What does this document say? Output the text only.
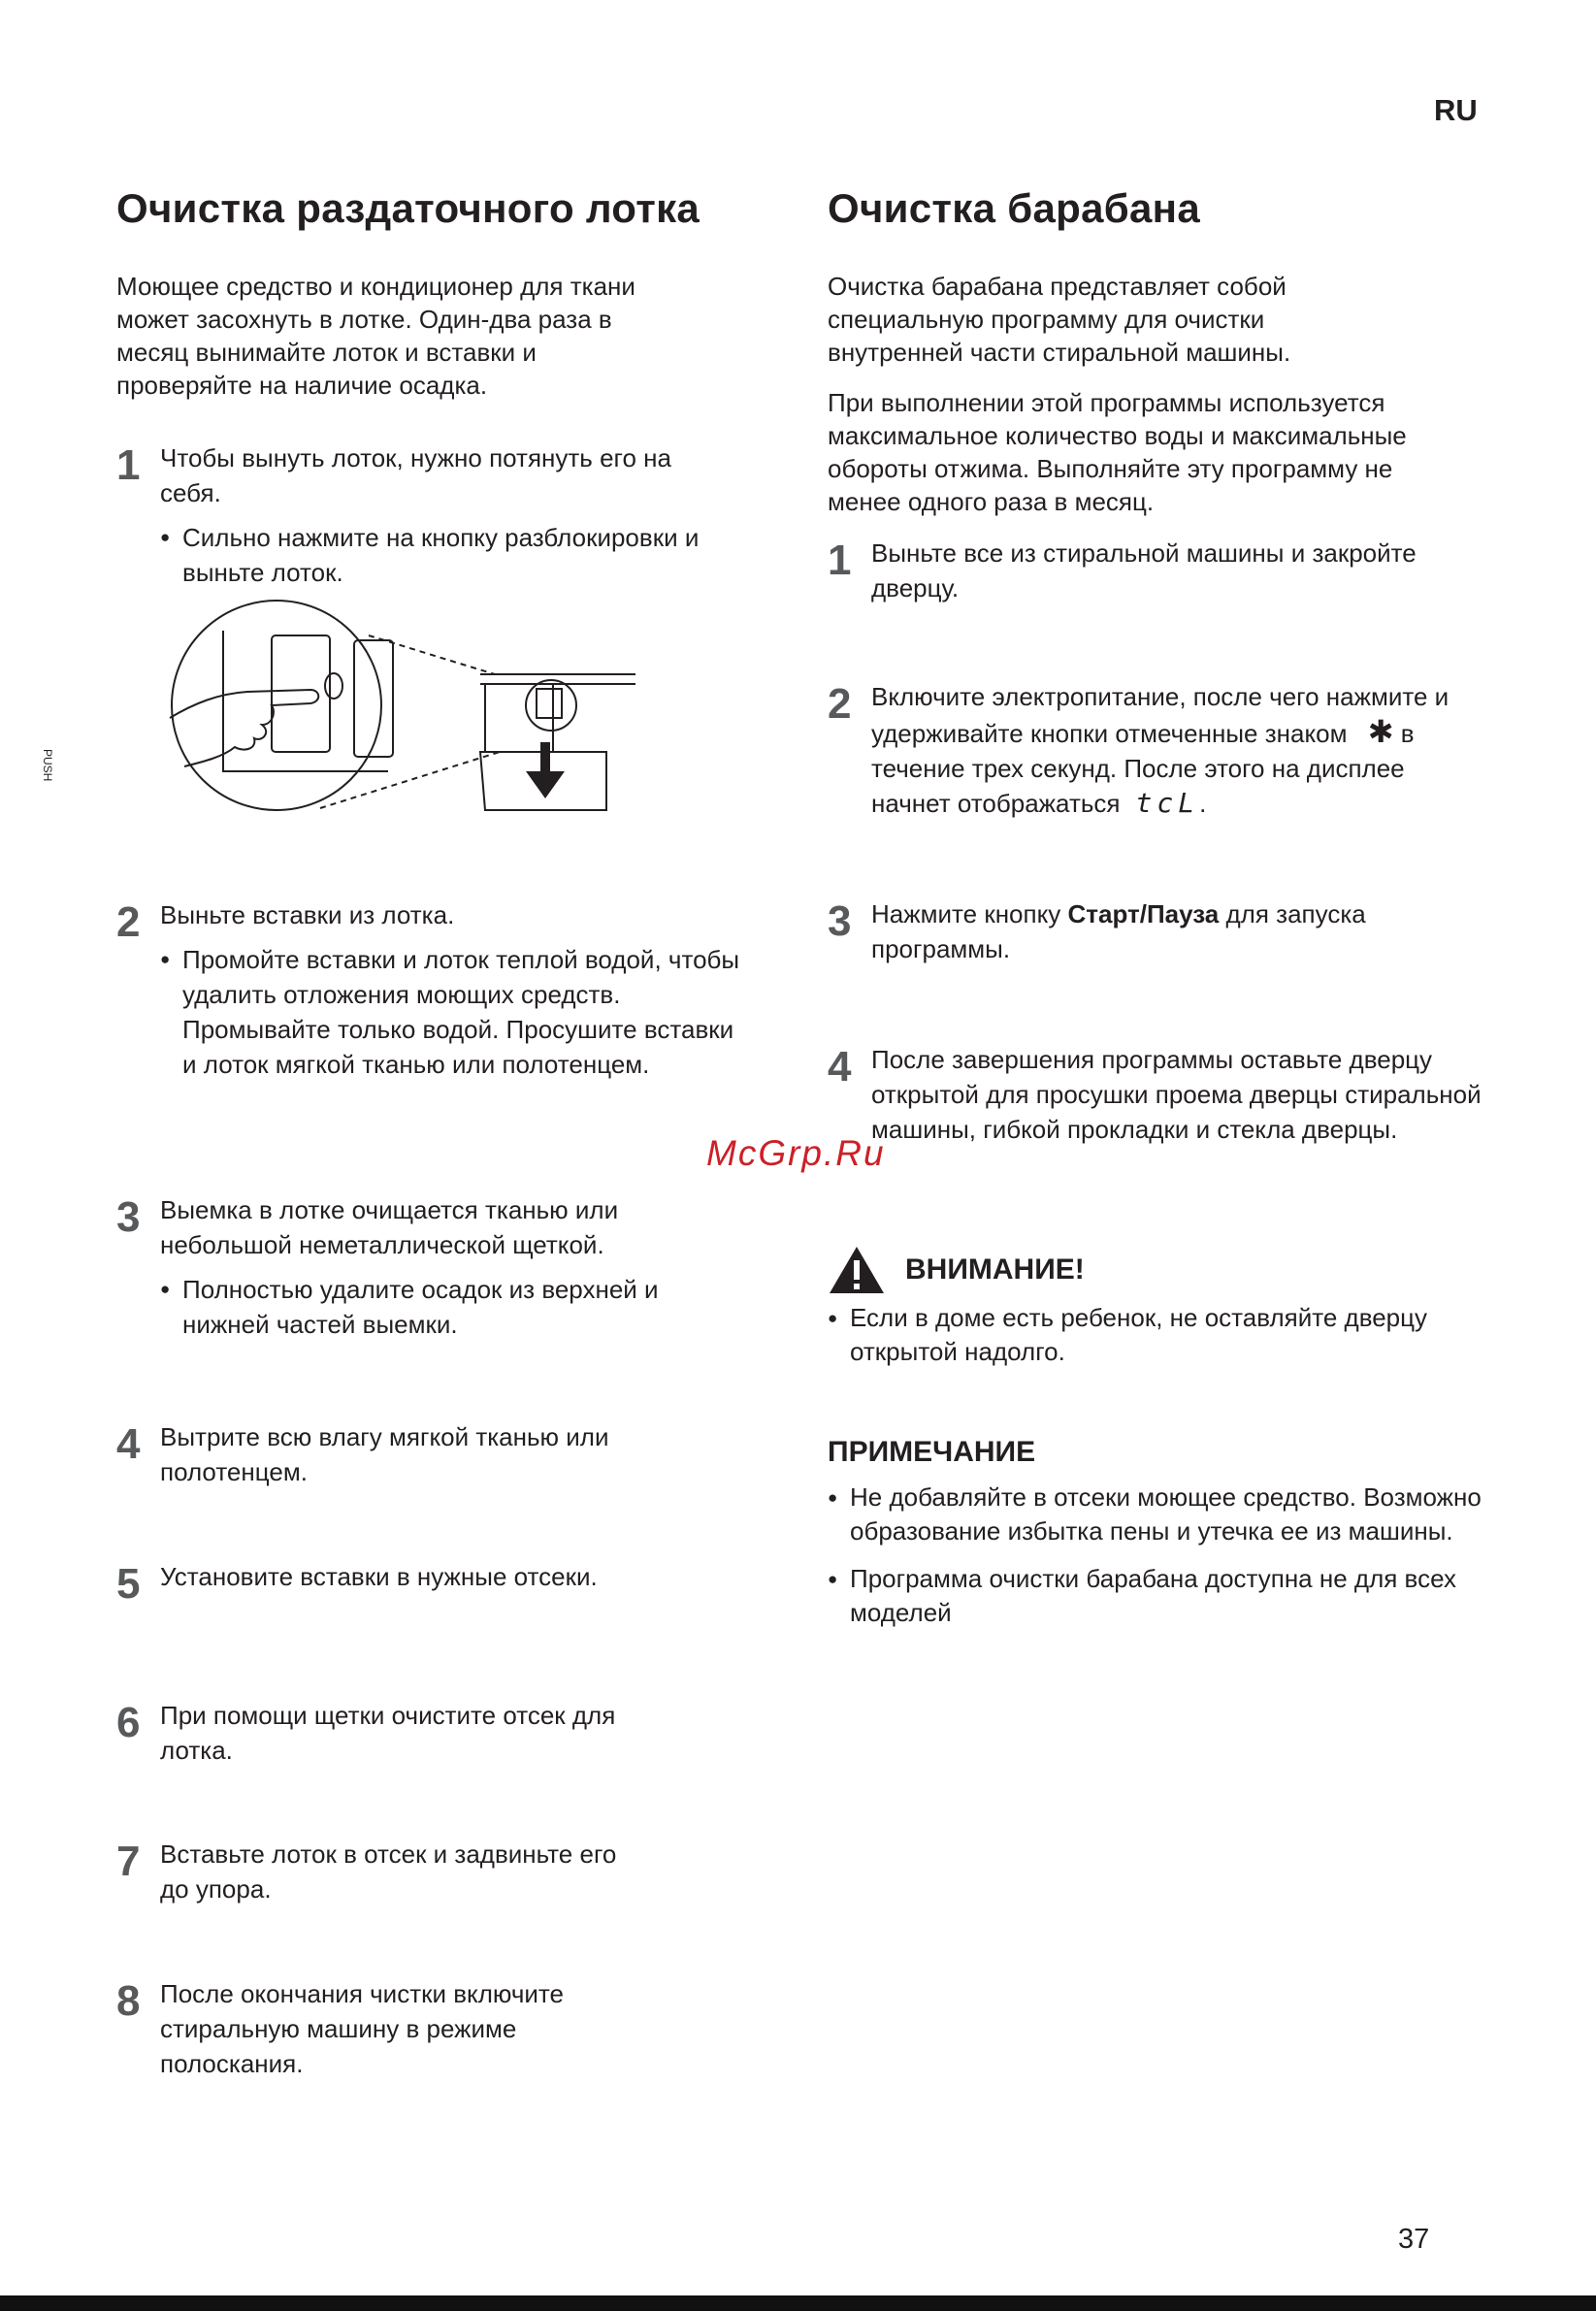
RU
Очистка раздаточного лотка

Моющее средство и кондиционер для ткани может засохнуть в лотке. Один-два раза в месяц вынимайте лоток и вставки и проверяйте на наличие осадка.

1 Чтобы вынуть лоток, нужно потянуть его на себя.

● Сильно нажмите на кнопку разблокировки и выньте лоток.
PUSH
2 Выньте вставки из лотка.

● Промойте вставки и лоток теплой водой, чтобы удалить отложения моющих средств. Промывайте только водой. Просушите вставки и лоток мягкой тканью или полотенцем.
3 Выемка в лотке очищается тканью или небольшой неметаллической щеткой.

● Полностью удалите осадок из верхней и нижней частей выемки.
4 Вытрите всю влагу мягкой тканью или полотенцем.

5 Установите вставки в нужные отсеки.

6 При помощи щетки очистите отсек для лотка.

7 Вставьте лоток в отсек и задвиньте его до упора.

8 После окончания чистки включите стиральную машину в режиме полоскания.

Очистка барабана

Очистка барабана представляет собой специальную программу для очистки внутренней части стиральной машины.

При выполнении этой программы используется максимальное количество воды и максимальные обороты отжима. Выполняйте эту программу не менее одного раза в месяц.

1 Выньте все из стиральной машины и закройте дверцу.

2 Включите электропитание, после чего нажмите и удерживайте кнопки отмеченные знаком ✱ в течение трех секунд. После этого на дисплее начнет отображаться tcL.

3 Нажмите кнопку Старт/Пауза для запуска программы.

4 После завершения программы оставьте дверцу открытой для просушки проема дверцы стиральной машины, гибкой прокладки и стекла дверцы.

ВНИМАНИЕ!
● Если в доме есть ребенок, не оставляйте дверцу открытой надолго.
ПРИМЕЧАНИЕ
● Не добавляйте в отсеки моющее средство. Возможно образование избытка пены и утечка ее из машины.
● Программа очистки барабана доступна не для всех моделей
McGrp.Ru
37
